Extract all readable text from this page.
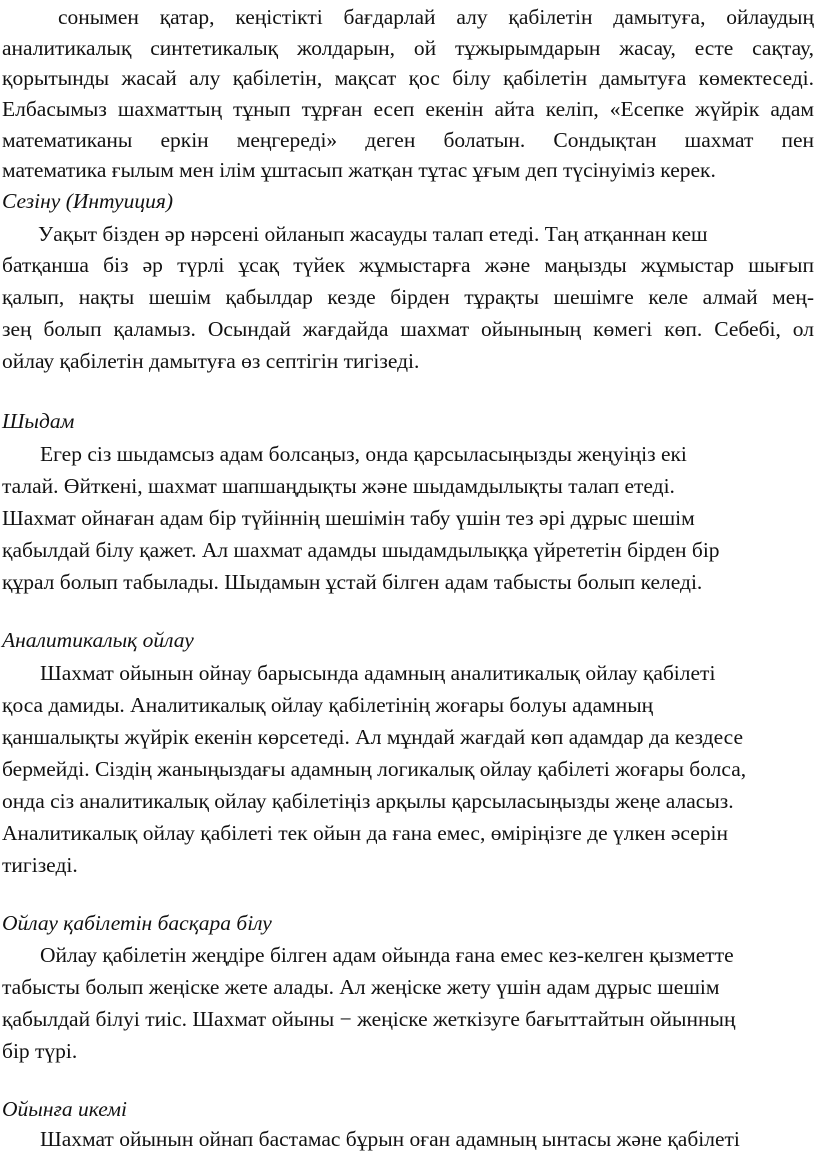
сонымен қатар, кеңістікті бағдарлай алу қабілетін дамытуға, ойлаудың
аналитикалық синтетикалық жолдарын, ой тұжырымдарын жасау, есте сақтау,
қорытынды жасай алу қабілетін, мақсат қос білу қабілетін дамытуға көмектеседі.
Елбасымыз шахматтың тұнып тұрған есеп екенін айта келіп, «Есепке жүйрік адам
математиканы еркін меңгереді» деген болатын. Сондықтан шахмат пен
математика ғылым мен ілім ұштасып жатқан тұтас ұғым деп түсінуіміз керек.
Сезіну (Интуиция)
Уақыт бізден әр нәрсені ойланып жасауды талап етеді. Таң атқаннан кеш
батқанша біз әр түрлі ұсақ түйек жұмыстарға және маңызды жұмыстар шығып
қалып, нақты шешім қабылдар кезде бірден тұрақты шешімге келе алмай мең-
зең болып қаламыз. Осындай жағдайда шахмат ойынының көмегі көп. Себебі, ол
ойлау қабілетін дамытуға өз септігін тигізеді.
Шыдам
Егер сіз шыдамсыз адам болсаңыз, онда қарсыласыңызды жеңуіңіз екі
талай. Өйткені, шахмат шапшаңдықты және шыдамдылықты талап етеді.
Шахмат ойнаған адам бір түйіннің шешімін табу үшін тез әрі дұрыс шешім
қабылдай білу қажет. Ал шахмат адамды шыдамдылыққа үйрететін бірден бір
құрал болып табылады. Шыдамын ұстай білген адам табысты болып келеді.
Аналитикалық ойлау
Шахмат ойынын ойнау барысында адамның аналитикалық ойлау қабілеті
қоса дамиды. Аналитикалық ойлау қабілетінің жоғары болуы адамның
қаншалықты жүйрік екенін көрсетеді. Ал мұндай жағдай көп адамдар да кездесе
бермейді. Сіздің жаныңыздағы адамның логикалық ойлау қабілеті жоғары болса,
онда сіз аналитикалық ойлау қабілетіңіз арқылы қарсыласыңызды жеңе аласыз.
Аналитикалық ойлау қабілеті тек ойын да ғана емес, өміріңізге де үлкен әсерін
тигізеді.
Ойлау қабілетін басқара білу
Ойлау қабілетін жеңдіре білген адам ойында ғана емес кез-келген қызметте
табысты болып жеңіске жете алады. Ал жеңіске жету үшін адам дұрыс шешім
қабылдай білуі тиіс. Шахмат ойыны − жеңіске жеткізуге бағыттайтын ойынның
бір түрі.
Ойынға икемі
Шахмат ойынын ойнап бастамас бұрын оған адамның ынтасы және қабілеті
